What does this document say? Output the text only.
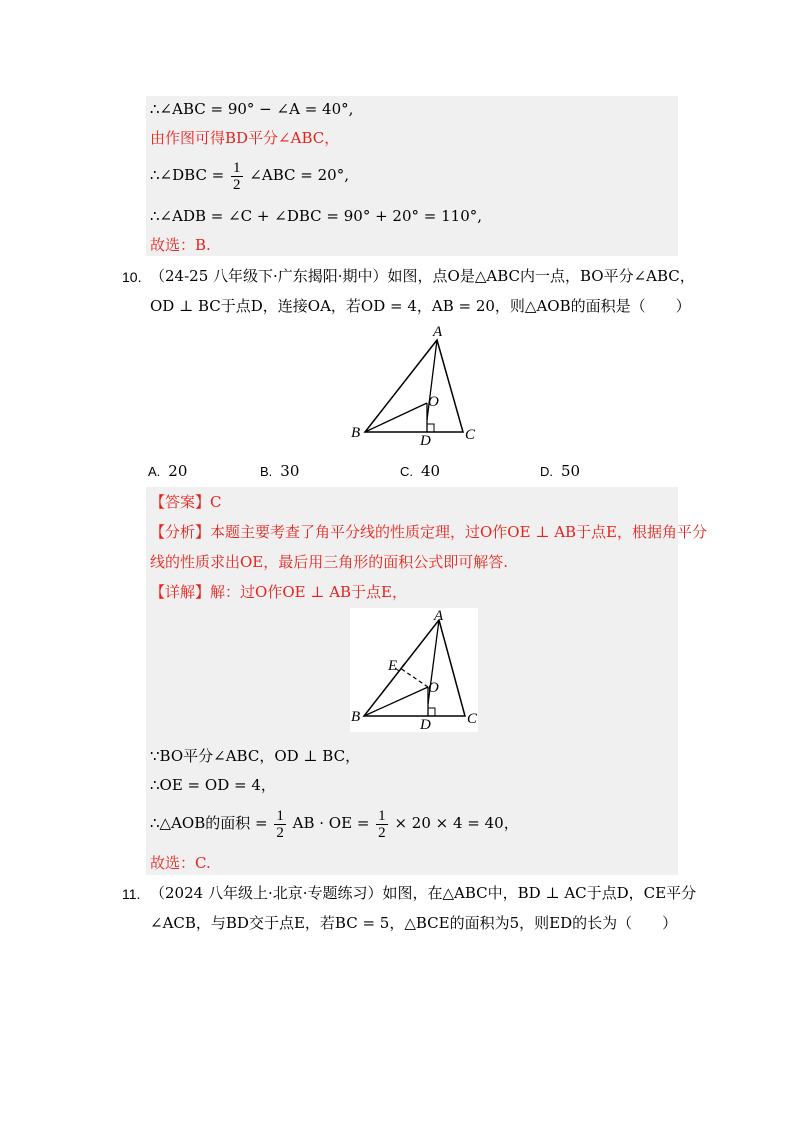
∴∠ABC = 90° − ∠A = 40°,
由作图可得BD平分∠ABC，
∴∠DBC = $\frac{1}{2}$ ∠ABC = 20°,
∴∠ADB = ∠C + ∠DBC = 90° + 20° = 110°,
故选：B.
10. （24-25 八年级下·广东揭阳·期中）如图，点O是△ABC内一点，BO平分∠ABC，
OD ⊥ BC于点D，连接OA，若OD = 4，AB = 20，则△AOB的面积是（　　）
A
B	C
D
O
A. 20	B. 30	C. 40	D. 50
【答案】C
【分析】本题主要考查了角平分线的性质定理，过O作OE ⊥ AB于点E，根据角平分
线的性质求出OE，最后用三角形的面积公式即可解答.
【详解】解：过O作OE ⊥ AB于点E，
A
B	C
D
O
E
∵BO平分∠ABC，OD ⊥ BC，
∴OE = OD = 4，
∴△AOB的面积 = $\frac{1}{2}$ AB · OE = $\frac{1}{2} \times 20 \times 4 = 40$，
故选：C.
11. （2024 八年级上·北京·专题练习）如图，在△ABC中，BD ⊥ AC于点D，CE平分
∠ACB，与BD交于点E，若BC = 5，△BCE的面积为5，则ED的长为（　　）
